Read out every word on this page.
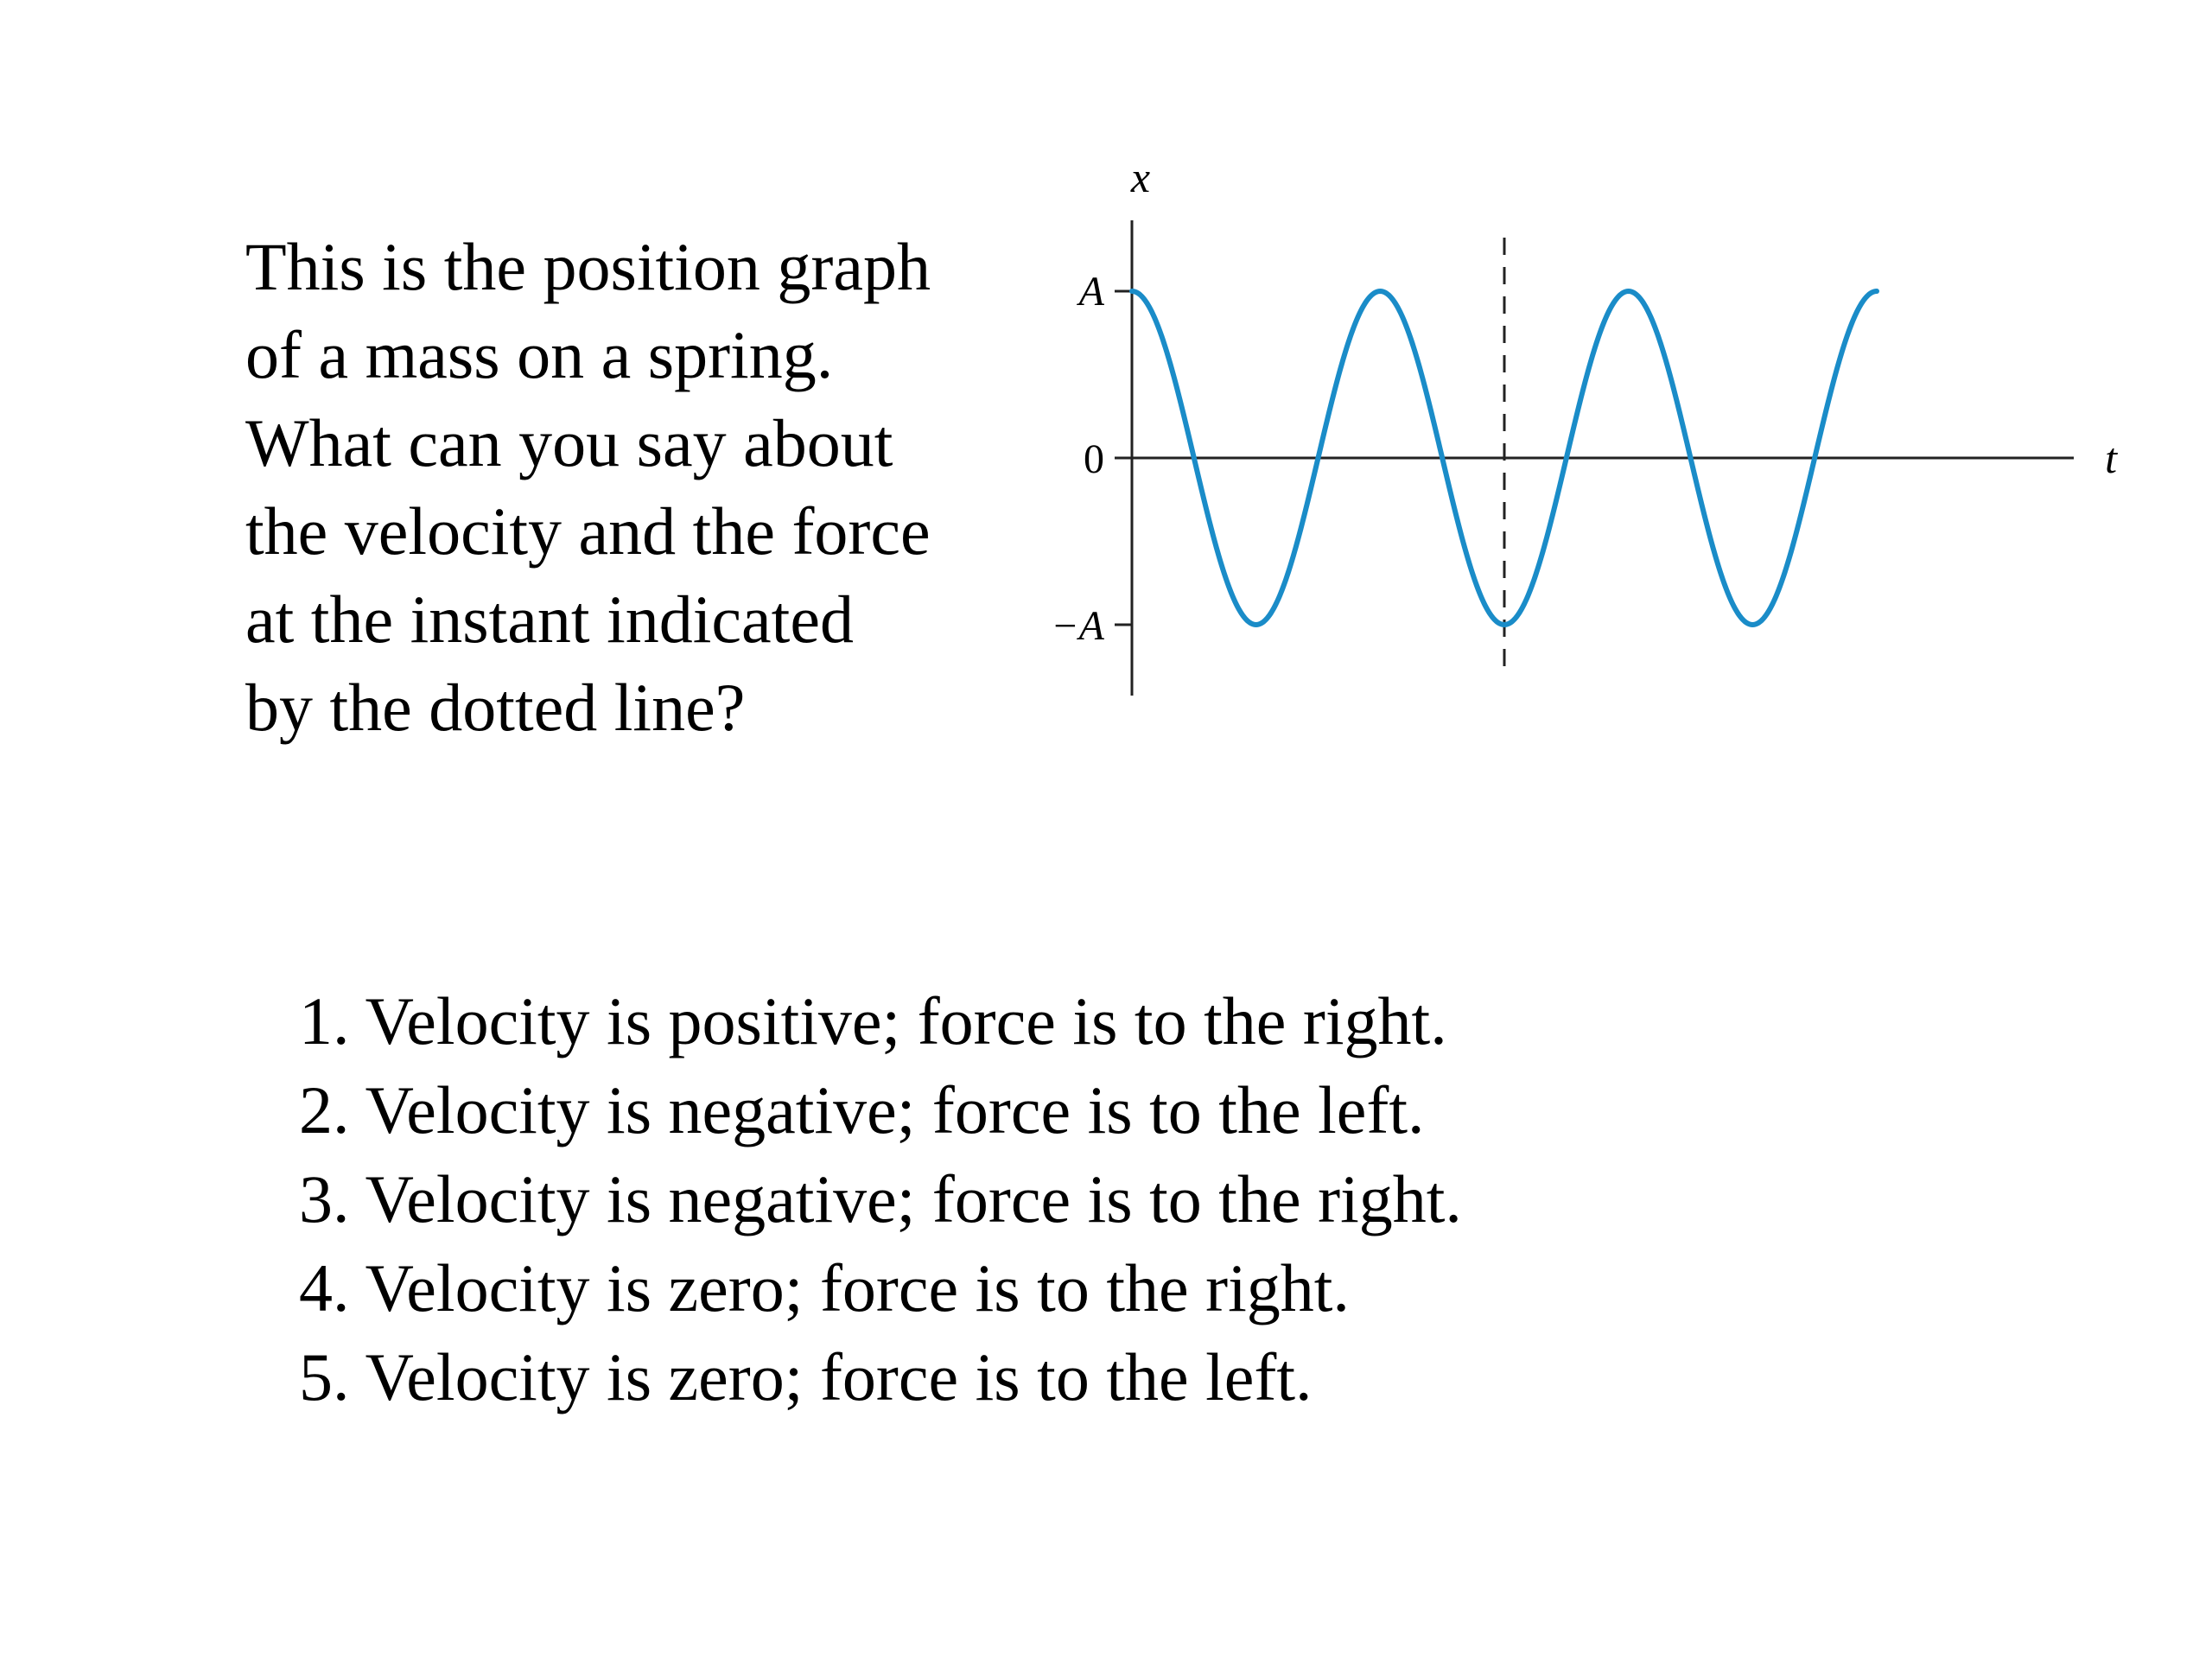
This is the position graph
of a mass on a spring.
What can you say about
the velocity and the force
at the instant indicated
by the dotted line?
x
t
A
0
−A
1. Velocity is positive; force is to the right.
2. Velocity is negative; force is to the left.
3. Velocity is negative; force is to the right.
4. Velocity is zero; force is to the right.
5. Velocity is zero; force is to the left.
